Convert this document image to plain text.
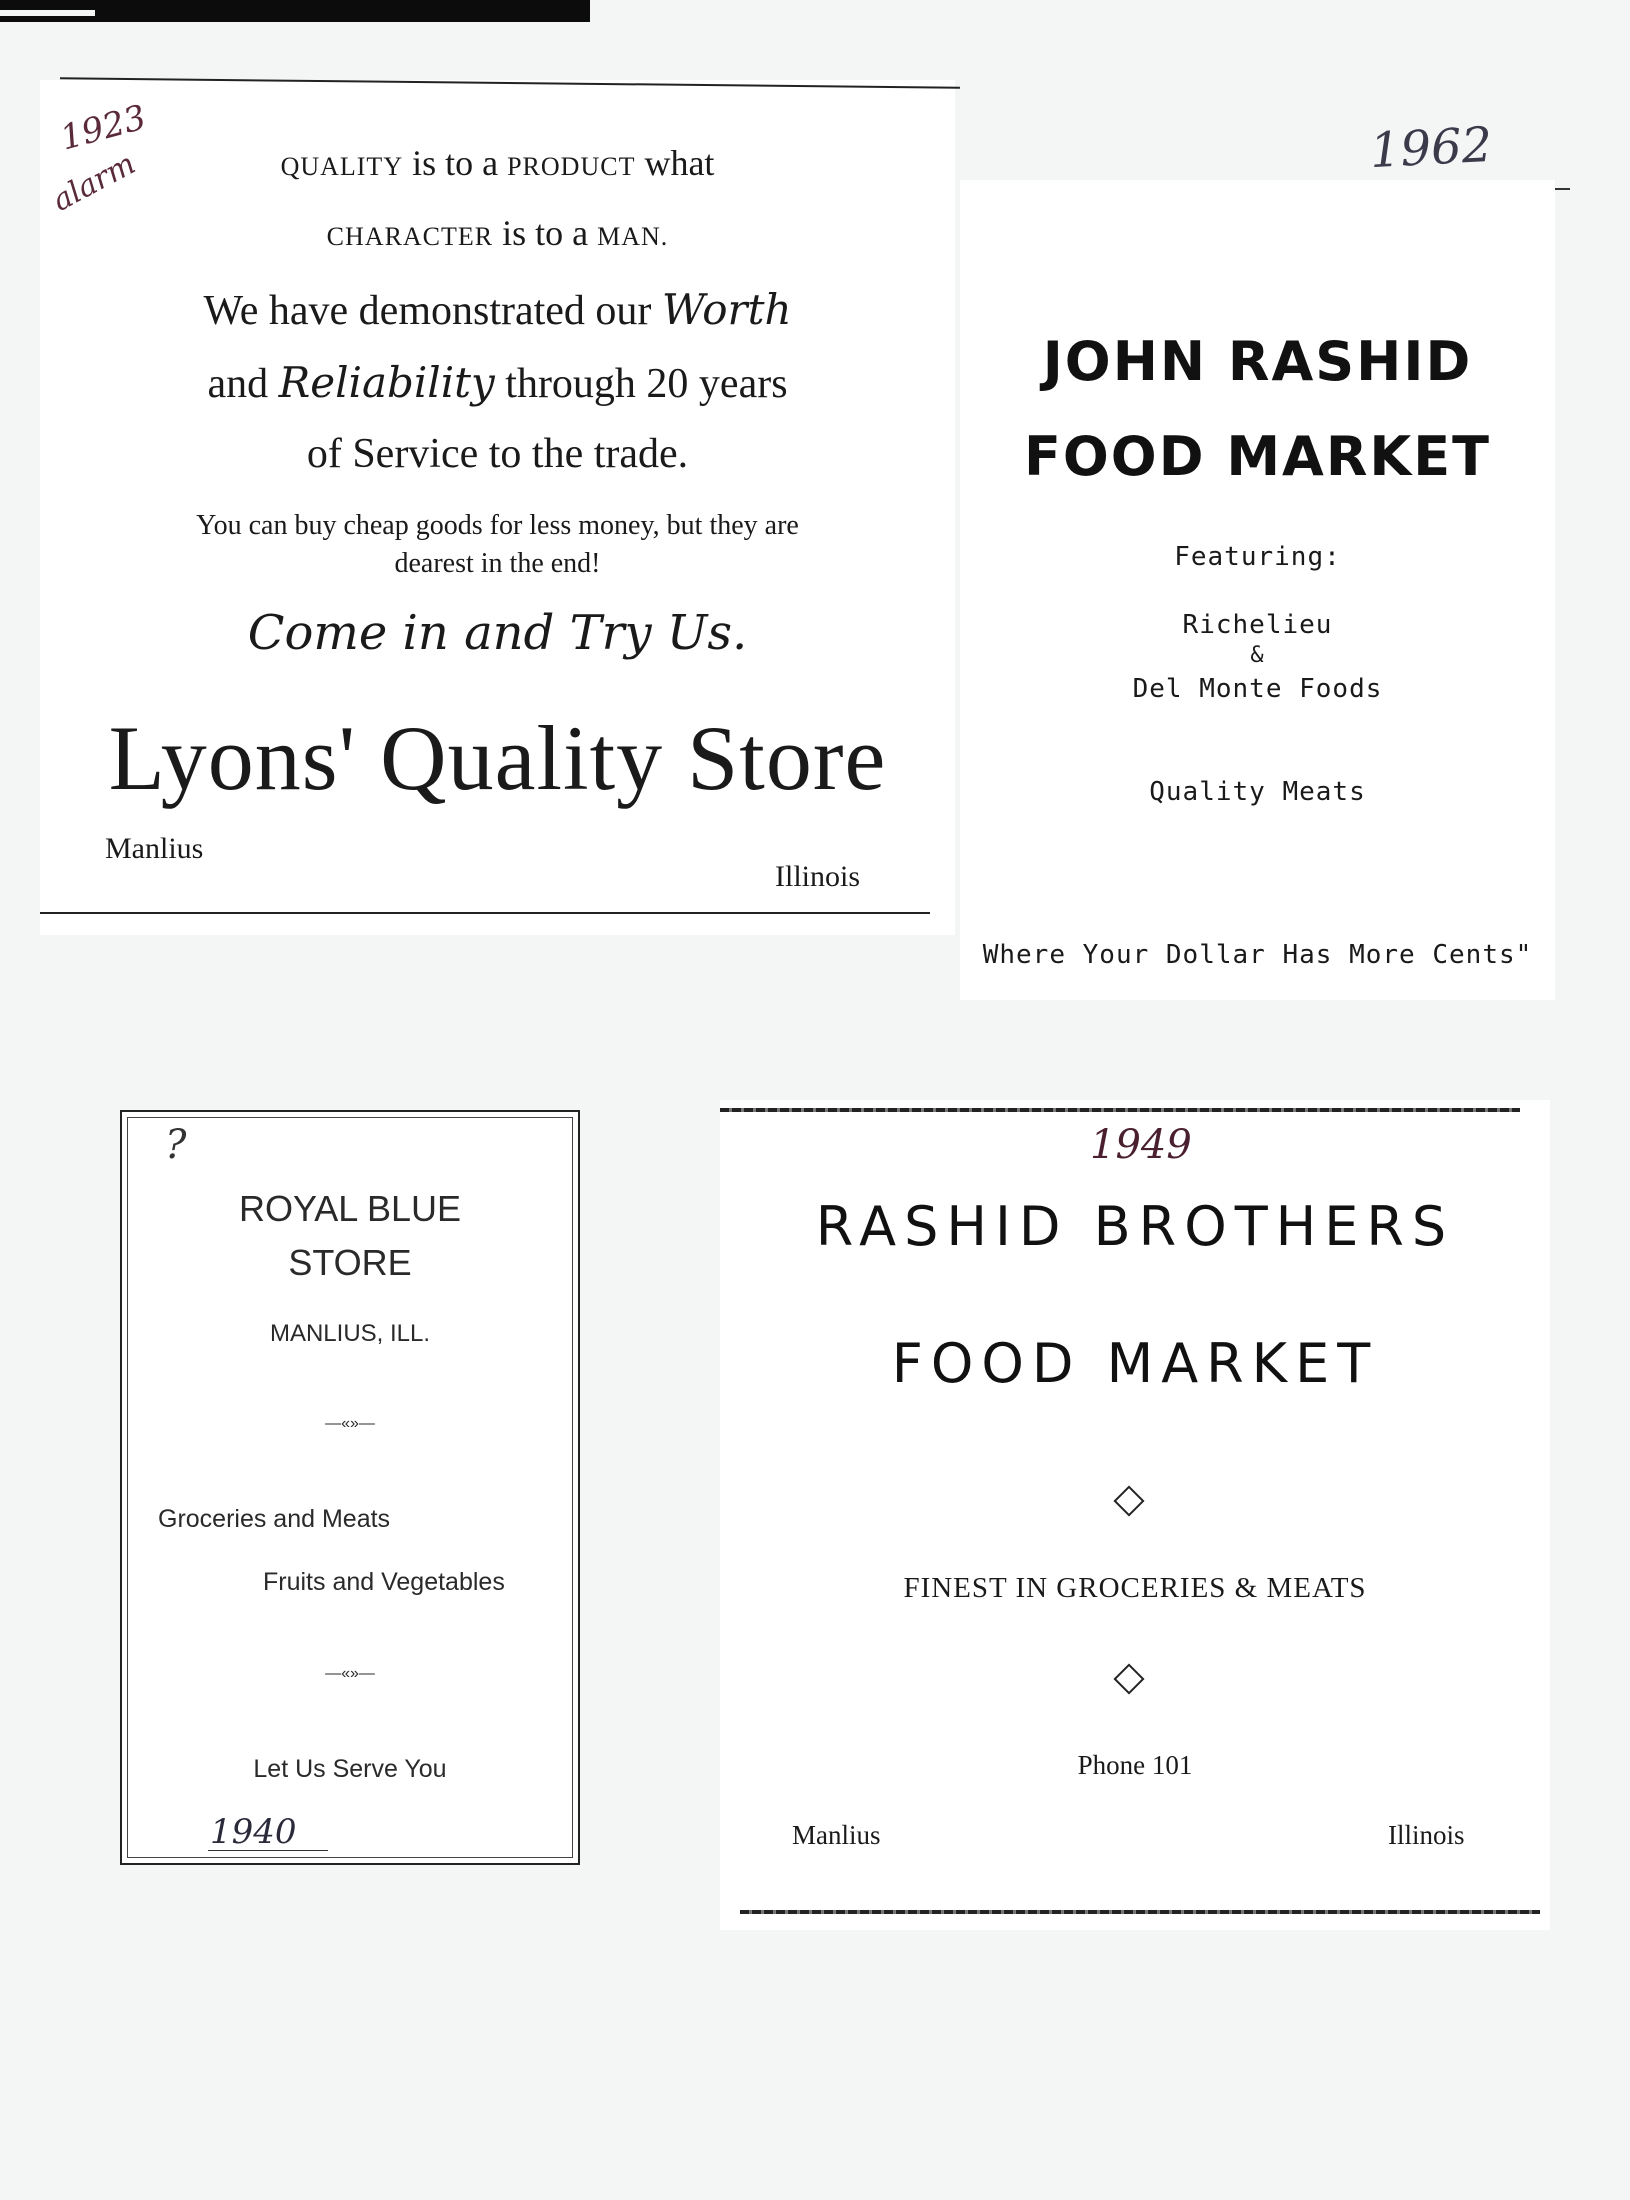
QUALITY is to a PRODUCT what
CHARACTER is to a MAN.
We have demonstrated our Worth
and Reliability through 20 years
of Service to the trade.
You can buy cheap goods for less money, but they are
dearest in the end!
Come in and Try Us.
Lyons' Quality Store
Manlius
Illinois
1923
alarm	1962
JOHN RASHID
FOOD MARKET
Featuring:
Richelieu
&
Del Monte Foods
Quality Meats
Where Your Dollar Has More Cents"
?
ROYAL BLUE
STORE
MANLIUS, ILL.
—«»—
Groceries and Meats
Fruits and Vegetables
—«»—
Let Us Serve You
1940
1949
RASHID BROTHERS
FOOD MARKET
FINEST IN GROCERIES & MEATS
Phone 101
Manlius	Illinois
